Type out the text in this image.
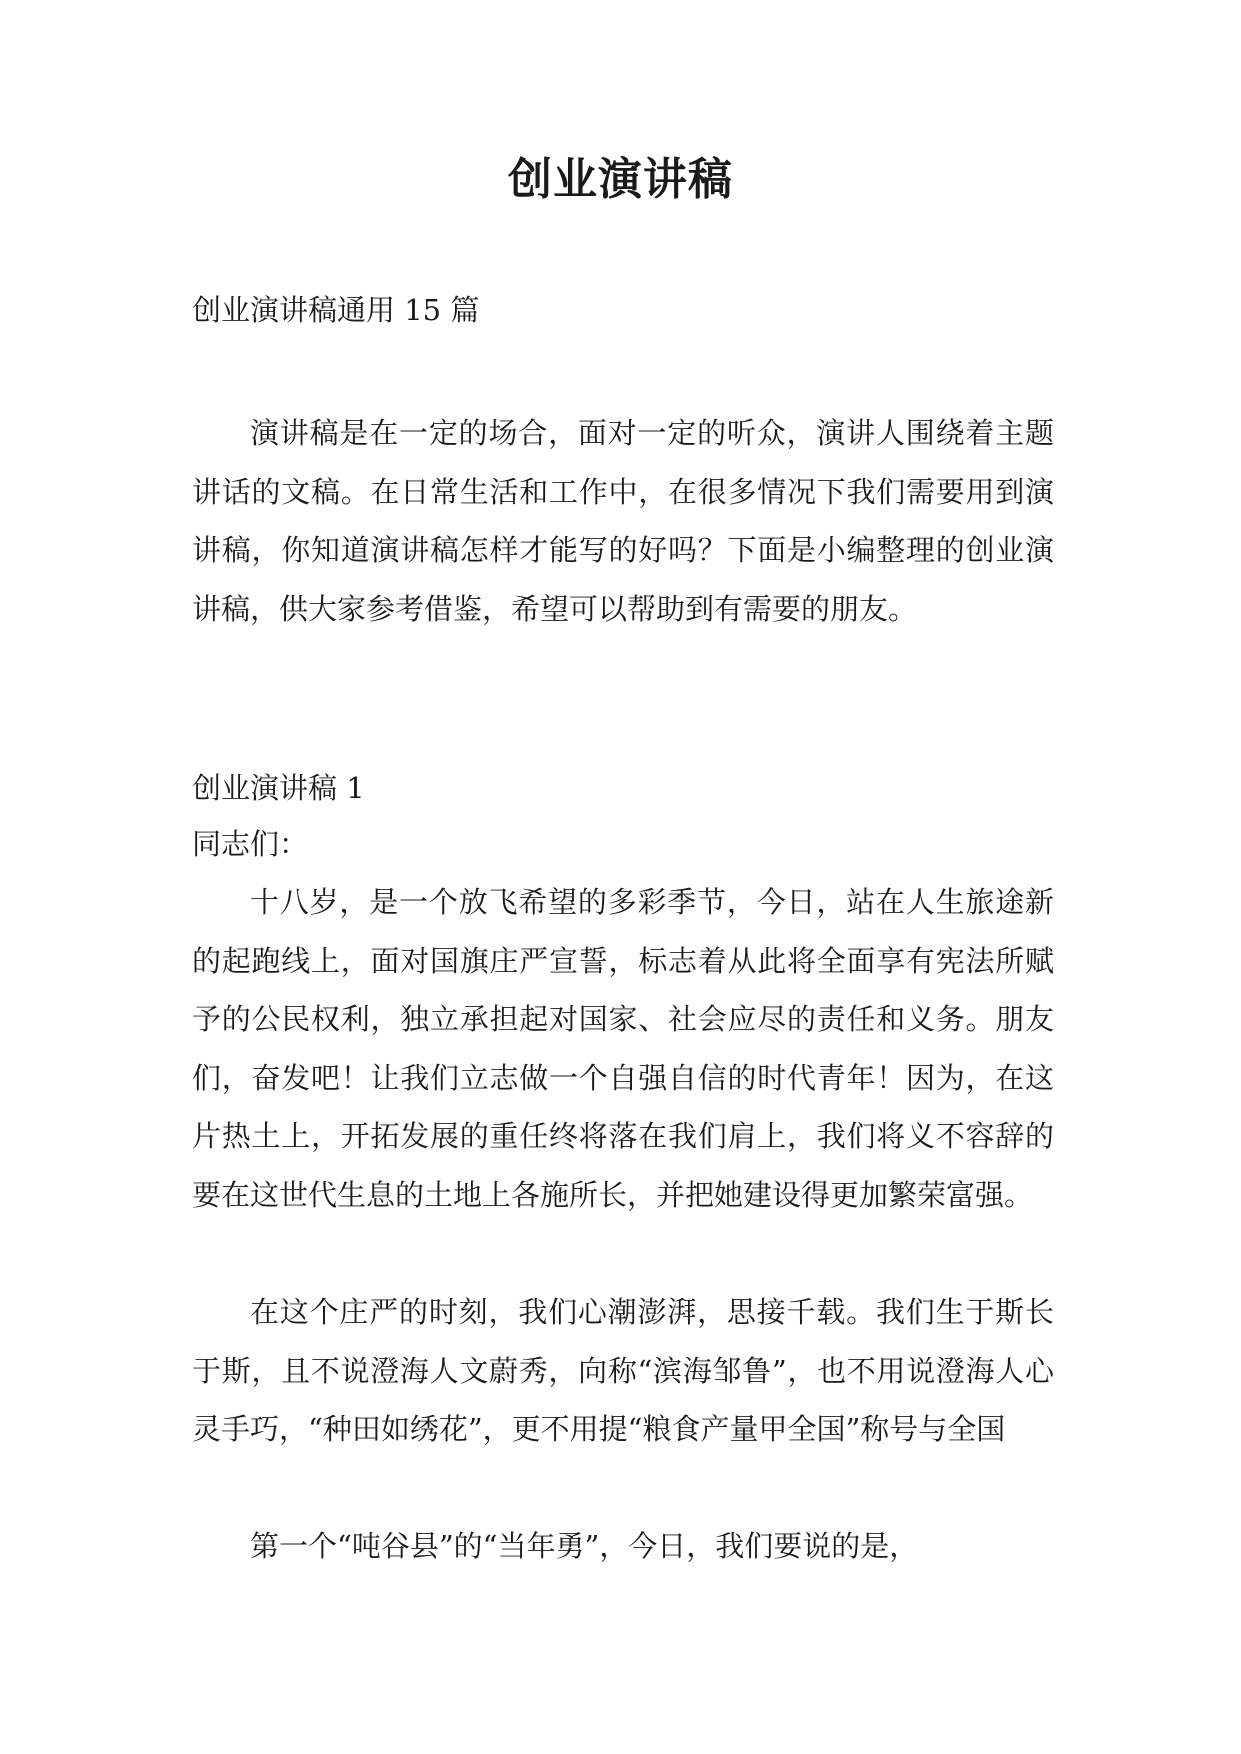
创业演讲稿
创业演讲稿通用 15 篇
演讲稿是在一定的场合，面对一定的听众，演讲人围绕着主题讲话的文稿。在日常生活和工作中，在很多情况下我们需要用到演讲稿，你知道演讲稿怎样才能写的好吗？下面是小编整理的创业演讲稿，供大家参考借鉴，希望可以帮助到有需要的朋友。
创业演讲稿 1
同志们：
十八岁，是一个放飞希望的多彩季节，今日，站在人生旅途新的起跑线上，面对国旗庄严宣誓，标志着从此将全面享有宪法所赋予的公民权利，独立承担起对国家、社会应尽的责任和义务。朋友们，奋发吧！让我们立志做一个自强自信的时代青年！因为，在这片热土上，开拓发展的重任终将落在我们肩上，我们将义不容辞的要在这世代生息的土地上各施所长，并把她建设得更加繁荣富强。
在这个庄严的时刻，我们心潮澎湃，思接千载。我们生于斯长于斯，且不说澄海人文蔚秀，向称“滨海邹鲁”，也不用说澄海人心灵手巧，“种田如绣花”，更不用提“粮食产量甲全国”称号与全国
第一个“吨谷县”的“当年勇”，今日，我们要说的是，
